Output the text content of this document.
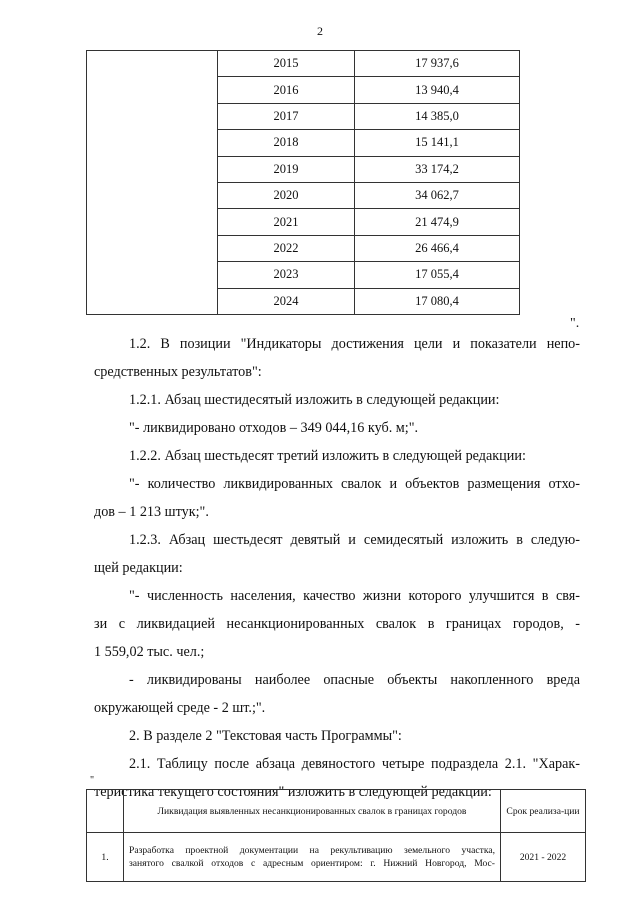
2
	2015	17 937,6
	2016	13 940,4
	2017	14 385,0
	2018	15 141,1
	2019	33 174,2
	2020	34 062,7
	2021	21 474,9
	2022	26 466,4
	2023	17 055,4
	2024	17 080,4
".
1.2. В позиции "Индикаторы достижения цели и показатели непо-
средственных результатов":
1.2.1. Абзац шестидесятый изложить в следующей редакции:
"- ликвидировано отходов – 349 044,16 куб. м;".
1.2.2. Абзац шестьдесят третий изложить в следующей редакции:
"- количество ликвидированных свалок и объектов размещения отхо-
дов – 1 213 штук;".
1.2.3. Абзац шестьдесят девятый и семидесятый изложить в следую-
щей редакции:
"- численность населения, качество жизни которого улучшится в свя-
зи с ликвидацией несанкционированных свалок в границах городов, -
1 559,02 тыс. чел.;
- ликвидированы наиболее опасные объекты накопленного вреда
окружающей среде - 2 шт.;".
2. В разделе 2 "Текстовая часть Программы":
2.1. Таблицу после абзаца девяностого четыре подраздела 2.1. "Харак-
теристика текущего состояния" изложить в следующей редакции:
"
	Ликвидация выявленных несанкционированных свалок в границах городов	Срок реализа-ции
1.	Разработка проектной документации на рекультивацию земельного участка,
занятого свалкой отходов с адресным ориентиром: г. Нижний Новгород, Мос-	2021 - 2022
